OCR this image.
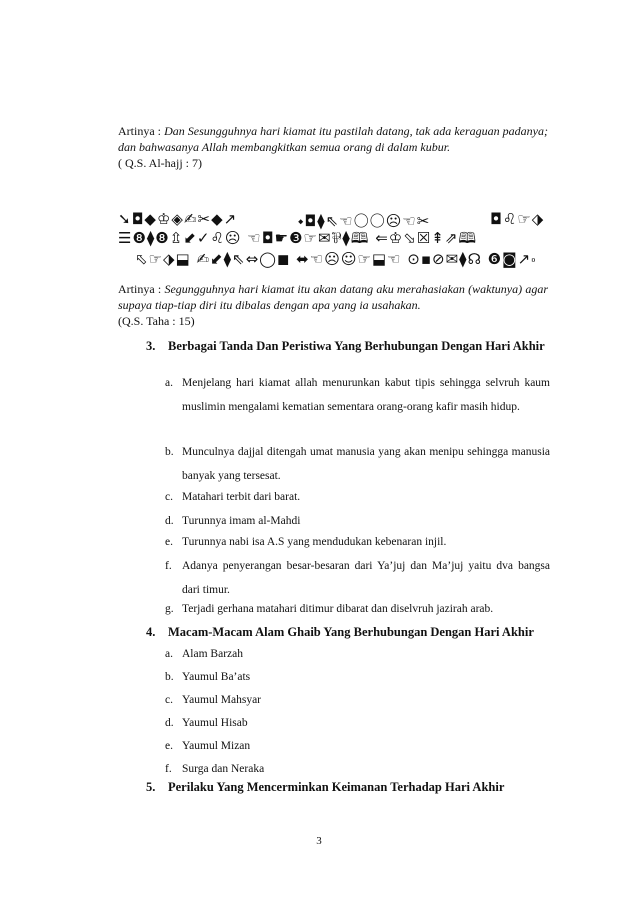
Artinya : Dan Sesungguhnya hari kiamat itu pastilah datang, tak ada keraguan padanya; dan bahwasanya Allah membangkitkan semua orang di dalam kubur.
( Q.S. Al-hajj : 7)
➘◘◆♔◈✍✂◆↗	⬩◘⧫⇖☜〇〇☹☜✂	◘♌☞⬗
☰❽⧫❽⇫⬋✓♌☹ ☜◘☛❸☞✉⅌⧫🕮 ⇐♔⬂☒⇞⇗🕮
⬁☞⬗⬓ ✍⬋⧫⇖⇔◯◼ ⬌☜☹☺☞⬓☜ ⊙▪⊘✉⧫☊ ❻◙↗⬞
Artinya : Segungguhnya hari kiamat itu akan datang aku merahasiakan (waktunya) agar supaya tiap-tiap diri itu dibalas dengan apa yang ia usahakan.
(Q.S. Taha : 15)
3. Berbagai Tanda Dan Peristiwa Yang Berhubungan Dengan Hari Akhir
a. Menjelang hari kiamat allah menurunkan kabut tipis sehingga selvruh kaum muslimin mengalami kematian sementara orang-orang kafir masih hidup.
b. Munculnya dajjal ditengah umat manusia yang akan menipu sehingga manusia banyak yang tersesat.
c. Matahari terbit dari barat.
d. Turunnya imam al-Mahdi
e. Turunnya nabi isa A.S yang mendudukan kebenaran injil.
f. Adanya penyerangan besar-besaran dari Ya’juj dan Ma’juj yaitu dva bangsa dari timur.
g. Terjadi gerhana matahari ditimur dibarat dan diselvruh jazirah arab.
4. Macam-Macam Alam Ghaib Yang Berhubungan Dengan Hari Akhir
a. Alam Barzah
b. Yaumul Ba’ats
c. Yaumul Mahsyar
d. Yaumul Hisab
e. Yaumul Mizan
f. Surga dan Neraka
5. Perilaku Yang Mencerminkan Keimanan Terhadap Hari Akhir
3
